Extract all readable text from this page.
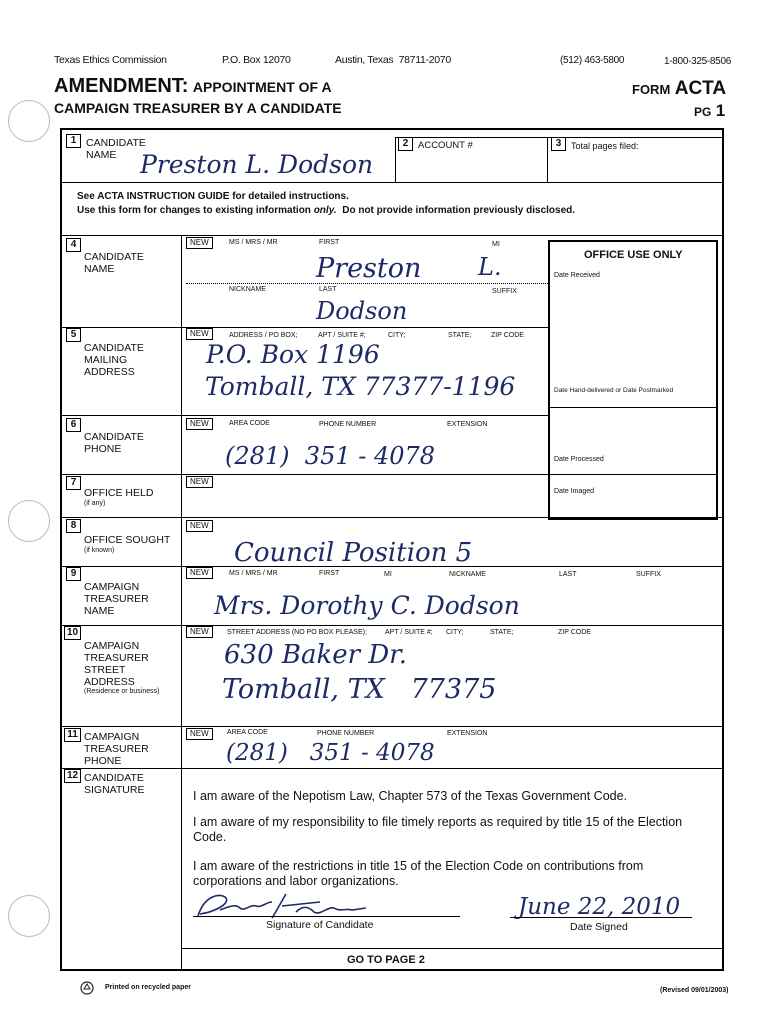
Texas Ethics Commission	P.O. Box 12070	Austin, Texas  78711-2070	(512) 463-5800	1-800-325-8506
AMENDMENT: APPOINTMENT OF A
CAMPAIGN TREASURER BY A CANDIDATE
FORM ACTA
PG 1
1 CANDIDATE NAME Preston L. Dodson
2	ACCOUNT #	3	Total pages filed:
See ACTA INSTRUCTION GUIDE for detailed instructions.
Use this form for changes to existing information only.  Do not provide information previously disclosed.
OFFICE USE ONLY
Date Received
Date Hand-delivered or Date Postmarked
Date Processed
Date Imaged
4
CANDIDATE NAME
NEW	MS / MRS / MR	FIRST	MI
Preston L.
NICKNAME	LAST	SUFFIX
Dodson
5
CANDIDATE MAILING ADDRESS
NEW	ADDRESS / PO BOX;	APT / SUITE #;	CITY;	STATE;	ZIP CODE
P.O. Box 1196
Tomball, TX 77377-1196
6
CANDIDATE PHONE
NEW	AREA CODE	PHONE NUMBER	EXTENSION
(281)  351 - 4078
7
OFFICE HELD
(if any)
NEW
8
OFFICE SOUGHT
(if known)
NEW
Council Position 5
9
CAMPAIGN TREASURER NAME
NEW	MS / MRS / MR	FIRST	MI	NICKNAME	LAST	SUFFIX
Mrs. Dorothy C. Dodson
10
CAMPAIGN TREASURER STREET ADDRESS
(Residence or business)
NEW	STREET ADDRESS (NO PO BOX PLEASE);	APT / SUITE #; CITY;	STATE;	ZIP CODE
630 Baker Dr.
Tomball, TX   77375
11 CAMPAIGN TREASURER PHONE
NEW	AREA CODE	PHONE NUMBER	EXTENSION
(281)   351 - 4078
12 CANDIDATE SIGNATURE	I am aware of the Nepotism Law, Chapter 573 of the Texas Government Code.
I am aware of my responsibility to file timely reports as required by title 15 of the Election Code.
I am aware of the restrictions in title 15 of the Election Code on contributions from corporations and labor organizations.
Signature of Candidate
June 22, 2010
Date Signed
GO TO PAGE 2
Printed on recycled paper	(Revised 09/01/2003)
